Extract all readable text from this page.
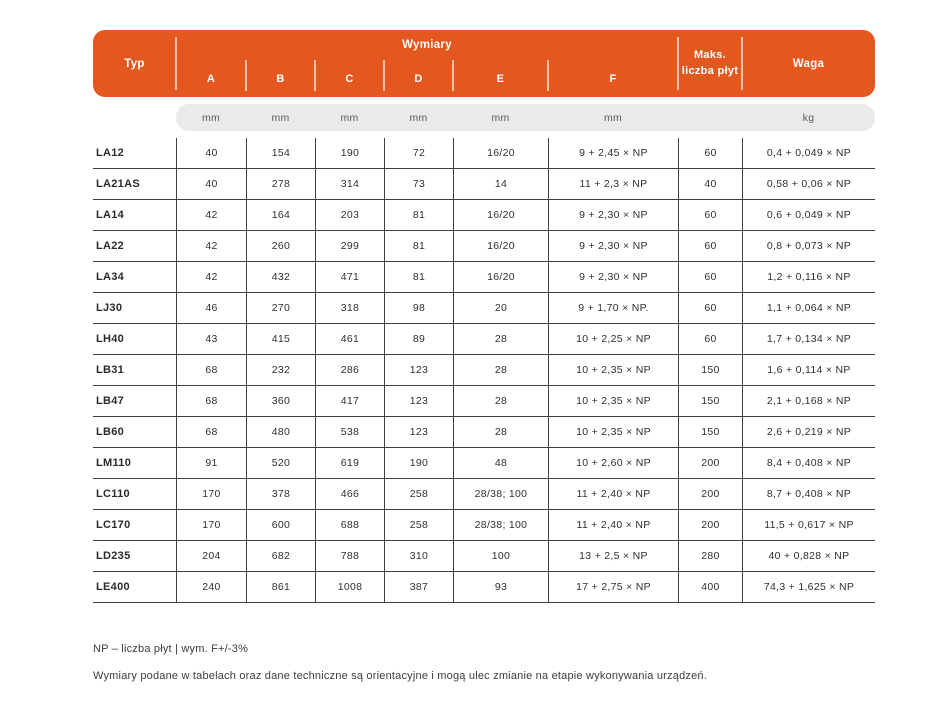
Typ
Wymiary
A	B	C	D	E	F
Maks.
liczba płyt
Waga
mm	mm	mm	mm	mm	mm	kg
LA12	40	154	190	72	16/20	9 + 2,45 × NP	60	0,4 + 0,049 × NP
LA21AS	40	278	314	73	14	11 + 2,3 × NP	40	0,58 + 0,06 × NP
LA14	42	164	203	81	16/20	9 + 2,30 × NP	60	0,6 + 0,049 × NP
LA22	42	260	299	81	16/20	9 + 2,30 × NP	60	0,8 + 0,073 × NP
LA34	42	432	471	81	16/20	9 + 2,30 × NP	60	1,2 + 0,116 × NP
LJ30	46	270	318	98	20	9 + 1,70 × NP.	60	1,1 + 0,064 × NP
LH40	43	415	461	89	28	10 + 2,25 × NP	60	1,7 + 0,134 × NP
LB31	68	232	286	123	28	10 + 2,35 × NP	150	1,6 + 0,114 × NP
LB47	68	360	417	123	28	10 + 2,35 × NP	150	2,1 + 0,168 × NP
LB60	68	480	538	123	28	10 + 2,35 × NP	150	2,6 + 0,219 × NP
LM110	91	520	619	190	48	10 + 2,60 × NP	200	8,4 + 0,408 × NP
LC110	170	378	466	258	28/38; 100	11 + 2,40 × NP	200	8,7 + 0,408 × NP
LC170	170	600	688	258	28/38; 100	11 + 2,40 × NP	200	11,5 + 0,617 × NP
LD235	204	682	788	310	100	13 + 2,5 × NP	280	40 + 0,828 × NP
LE400	240	861	1008	387	93	17 + 2,75 × NP	400	74,3 + 1,625 × NP

NP – liczba płyt | wym. F+/-3%

Wymiary podane w tabelach oraz dane techniczne są orientacyjne i mogą ulec zmianie na etapie wykonywania urządzeń.
